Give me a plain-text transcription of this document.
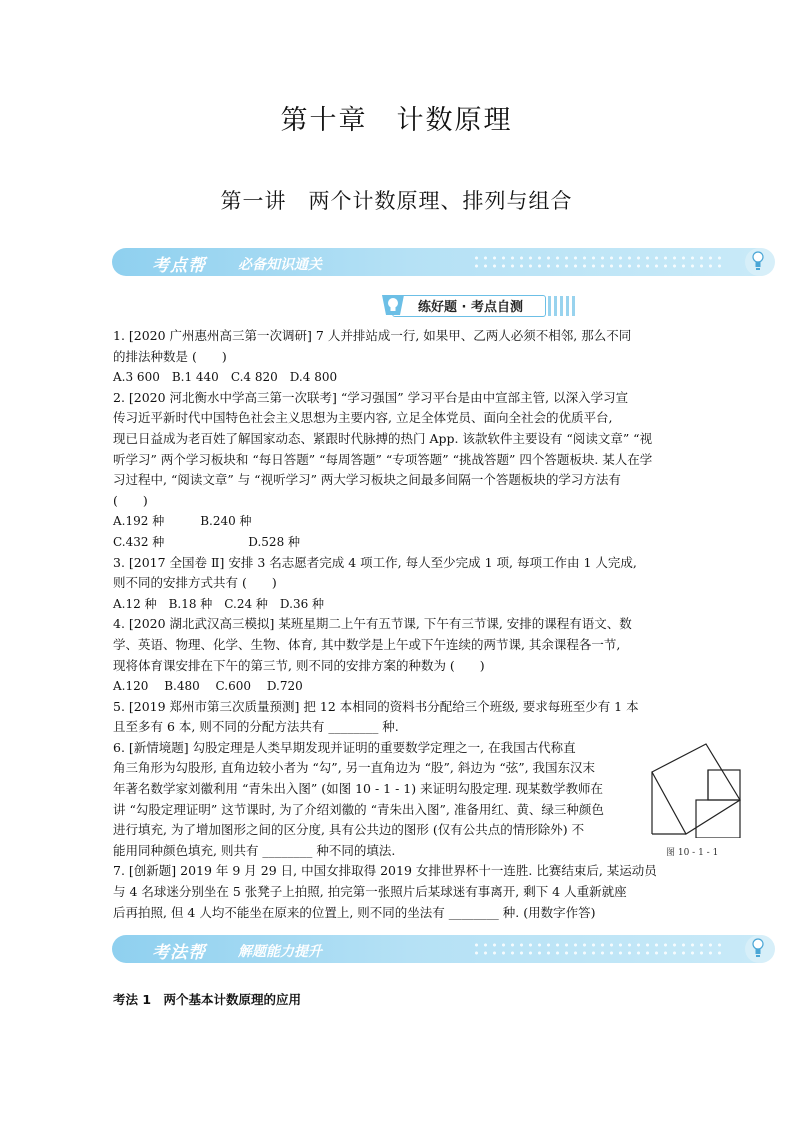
第十章　计数原理
第一讲　两个计数原理、排列与组合
考点帮 必备知识通关
练好题 · 考点自测
1. [2020 广州惠州高三第一次调研] 7 人并排站成一行, 如果甲、乙两人必须不相邻, 那么不同
的排法种数是 (　　)
A.3 600　B.1 440　C.4 820　D.4 800
2. [2020 河北衡水中学高三第一次联考] “学习强国” 学习平台是由中宣部主管, 以深入学习宣
传习近平新时代中国特色社会主义思想为主要内容, 立足全体党员、面向全社会的优质平台,
现已日益成为老百姓了解国家动态、紧跟时代脉搏的热门 App. 该款软件主要设有 “阅读文章” “视
听学习” 两个学习板块和 “每日答题” “每周答题” “专项答题” “挑战答题” 四个答题板块. 某人在学
习过程中, “阅读文章” 与 “视听学习” 两大学习板块之间最多间隔一个答题板块的学习方法有
(　　)
A.192 种　　　B.240 种
C.432 种　　　　　　　D.528 种
3. [2017 全国卷 Ⅱ] 安排 3 名志愿者完成 4 项工作, 每人至少完成 1 项, 每项工作由 1 人完成,
则不同的安排方式共有 (　　)
A.12 种　B.18 种　C.24 种　D.36 种
4. [2020 湖北武汉高三模拟] 某班星期二上午有五节课, 下午有三节课, 安排的课程有语文、数
学、英语、物理、化学、生物、体育, 其中数学是上午或下午连续的两节课, 其余课程各一节,
现将体育课安排在下午的第三节, 则不同的安排方案的种数为 (　　)
A.120　 B.480　 C.600　 D.720
5. [2019 郑州市第三次质量预测] 把 12 本相同的资料书分配给三个班级, 要求每班至少有 1 本
且至多有 6 本, 则不同的分配方法共有 ________ 种.
6. [新情境题] 勾股定理是人类早期发现并证明的重要数学定理之一, 在我国古代称直
角三角形为勾股形, 直角边较小者为 “勾”, 另一直角边为 “股”, 斜边为 “弦”, 我国东汉末
年著名数学家刘徽利用 “青朱出入图” (如图 10 - 1 - 1) 来证明勾股定理. 现某数学教师在
讲 “勾股定理证明” 这节课时, 为了介绍刘徽的 “青朱出入图”, 准备用红、黄、绿三种颜色
进行填充, 为了增加图形之间的区分度, 具有公共边的图形 (仅有公共点的情形除外) 不
能用同种颜色填充, 则共有 ________ 种不同的填法.
7. [创新题] 2019 年 9 月 29 日, 中国女排取得 2019 女排世界杯十一连胜. 比赛结束后, 某运动员
与 4 名球迷分别坐在 5 张凳子上拍照, 拍完第一张照片后某球迷有事离开, 剩下 4 人重新就座
后再拍照, 但 4 人均不能坐在原来的位置上, 则不同的坐法有 ________ 种. (用数字作答)
图 10 - 1 - 1
考法帮 解题能力提升
考法 1　两个基本计数原理的应用
